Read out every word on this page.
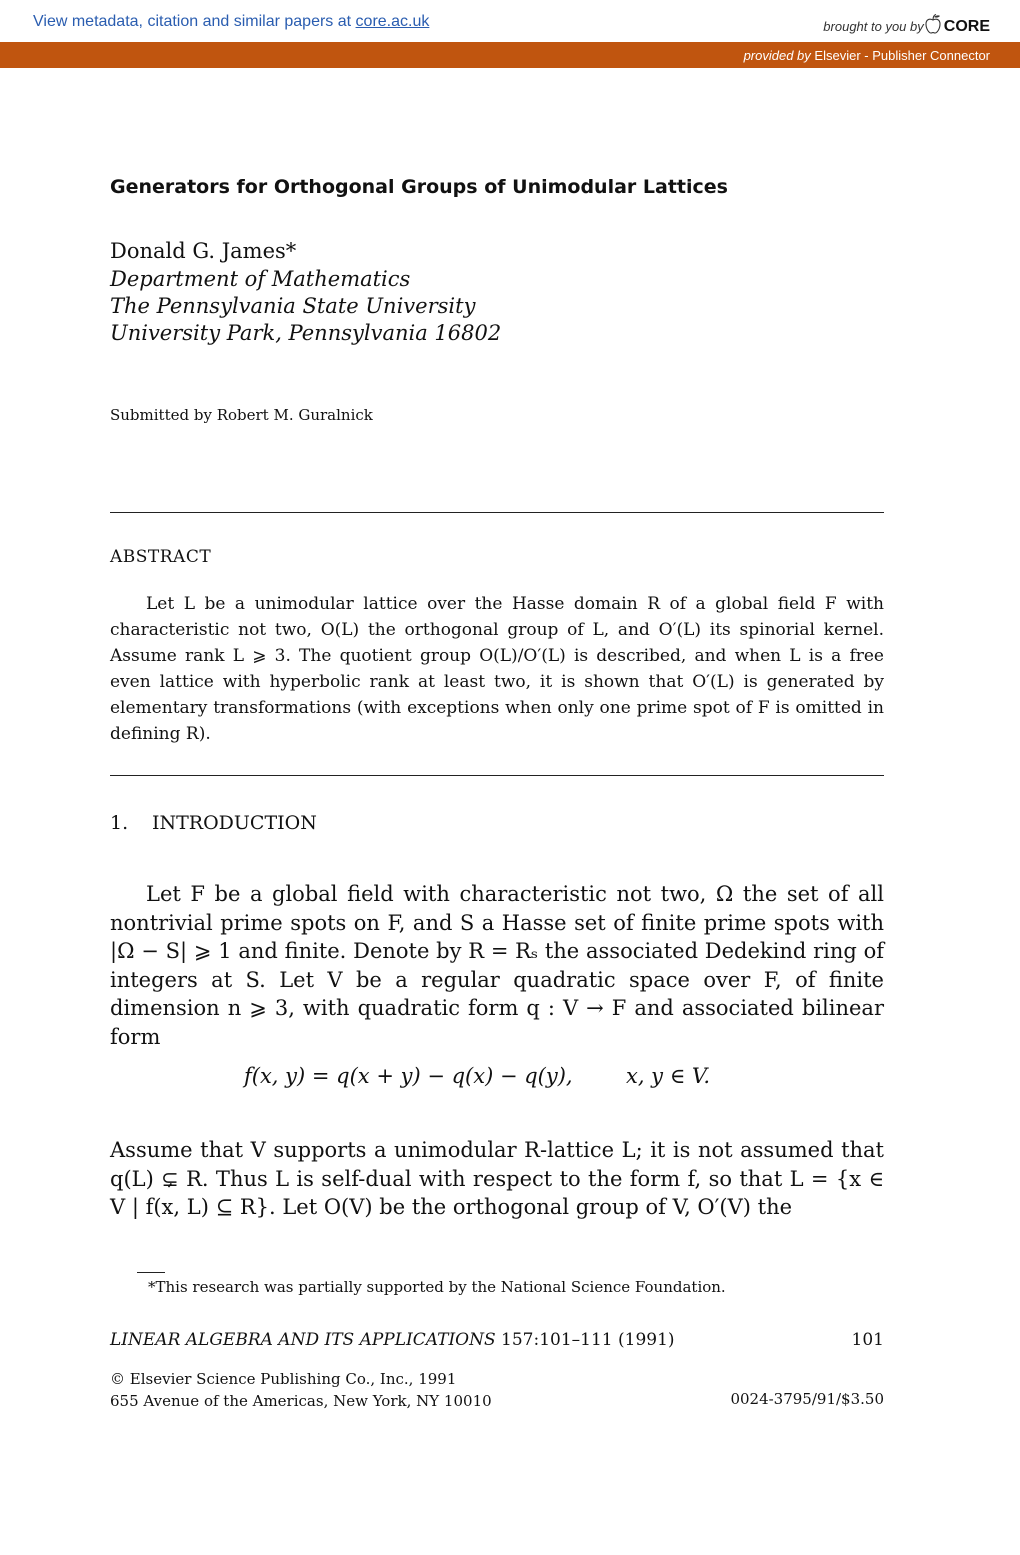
View metadata, citation and similar papers at core.ac.uk	brought to you by CORE
provided by Elsevier - Publisher Connector
Generators for Orthogonal Groups of Unimodular Lattices
Donald G. James*
Department of Mathematics
The Pennsylvania State University
University Park, Pennsylvania 16802
Submitted by Robert M. Guralnick
ABSTRACT
Let L be a unimodular lattice over the Hasse domain R of a global field F with characteristic not two, O(L) the orthogonal group of L, and O′(L) its spinorial kernel. Assume rank L ⩾ 3. The quotient group O(L)/O′(L) is described, and when L is a free even lattice with hyperbolic rank at least two, it is shown that O′(L) is generated by elementary transformations (with exceptions when only one prime spot of F is omitted in defining R).
1. INTRODUCTION
Let F be a global field with characteristic not two, Ω the set of all nontrivial prime spots on F, and S a Hasse set of finite prime spots with |Ω − S| ⩾ 1 and finite. Denote by R = Rₛ the associated Dedekind ring of integers at S. Let V be a regular quadratic space over F, of finite dimension n ⩾ 3, with quadratic form q : V → F and associated bilinear form
f(x, y) = q(x + y) − q(x) − q(y),        x, y ∈ V.
Assume that V supports a unimodular R-lattice L; it is not assumed that q(L) ⊊ R. Thus L is self-dual with respect to the form f, so that L = {x ∈ V | f(x, L) ⊆ R}. Let O(V) be the orthogonal group of V, O′(V) the
*This research was partially supported by the National Science Foundation.
LINEAR ALGEBRA AND ITS APPLICATIONS 157:101–111 (1991)	101
© Elsevier Science Publishing Co., Inc., 1991
655 Avenue of the Americas, New York, NY 10010	0024-3795/91/$3.50
